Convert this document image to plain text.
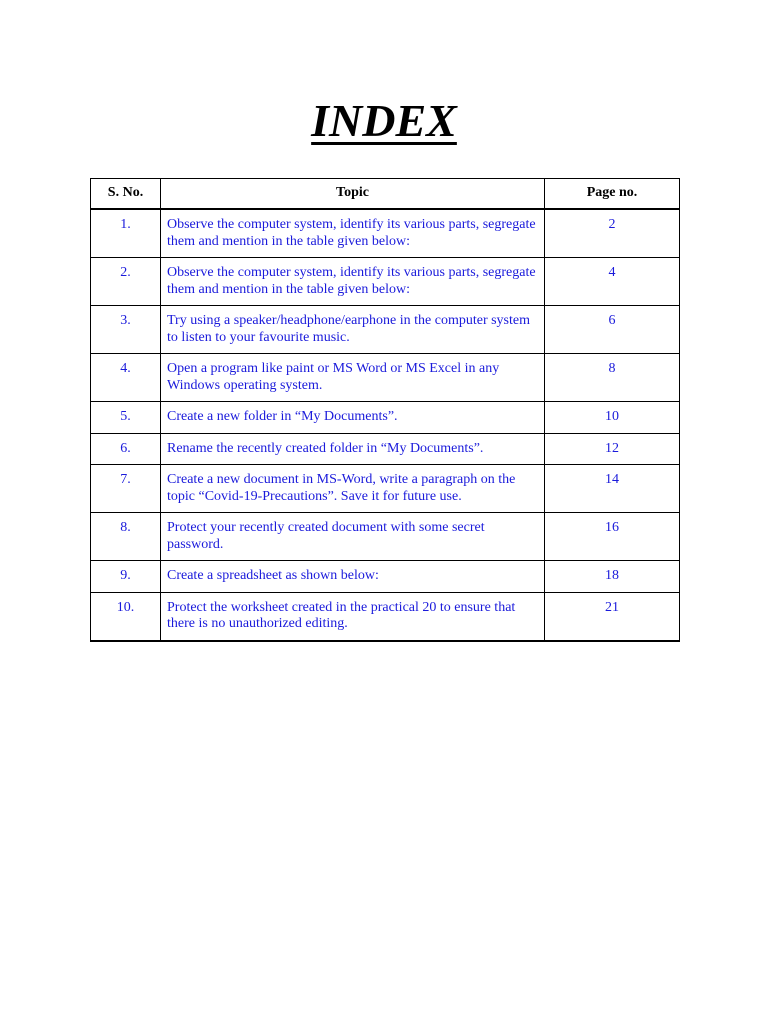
INDEX
S. No.	Topic	Page no.
1.	Observe the computer system, identify its various parts, segregate them and mention in the table given below:	2
2.	Observe the computer system, identify its various parts, segregate them and mention in the table given below:	4
3.	Try using a speaker/headphone/earphone in the computer system to listen to your favourite music.	6
4.	Open a program like paint or MS Word or MS Excel in any Windows operating system.	8
5.	Create a new folder in “My Documents”.	10
6.	Rename the recently created folder in “My Documents”.	12
7.	Create a new document in MS-Word, write a paragraph on the topic “Covid-19-Precautions”. Save it for future use.	14
8.	Protect your recently created document with some secret password.	16
9.	Create a spreadsheet as shown below:	18
10.	Protect the worksheet created in the practical 20 to ensure that there is no unauthorized editing.	21
